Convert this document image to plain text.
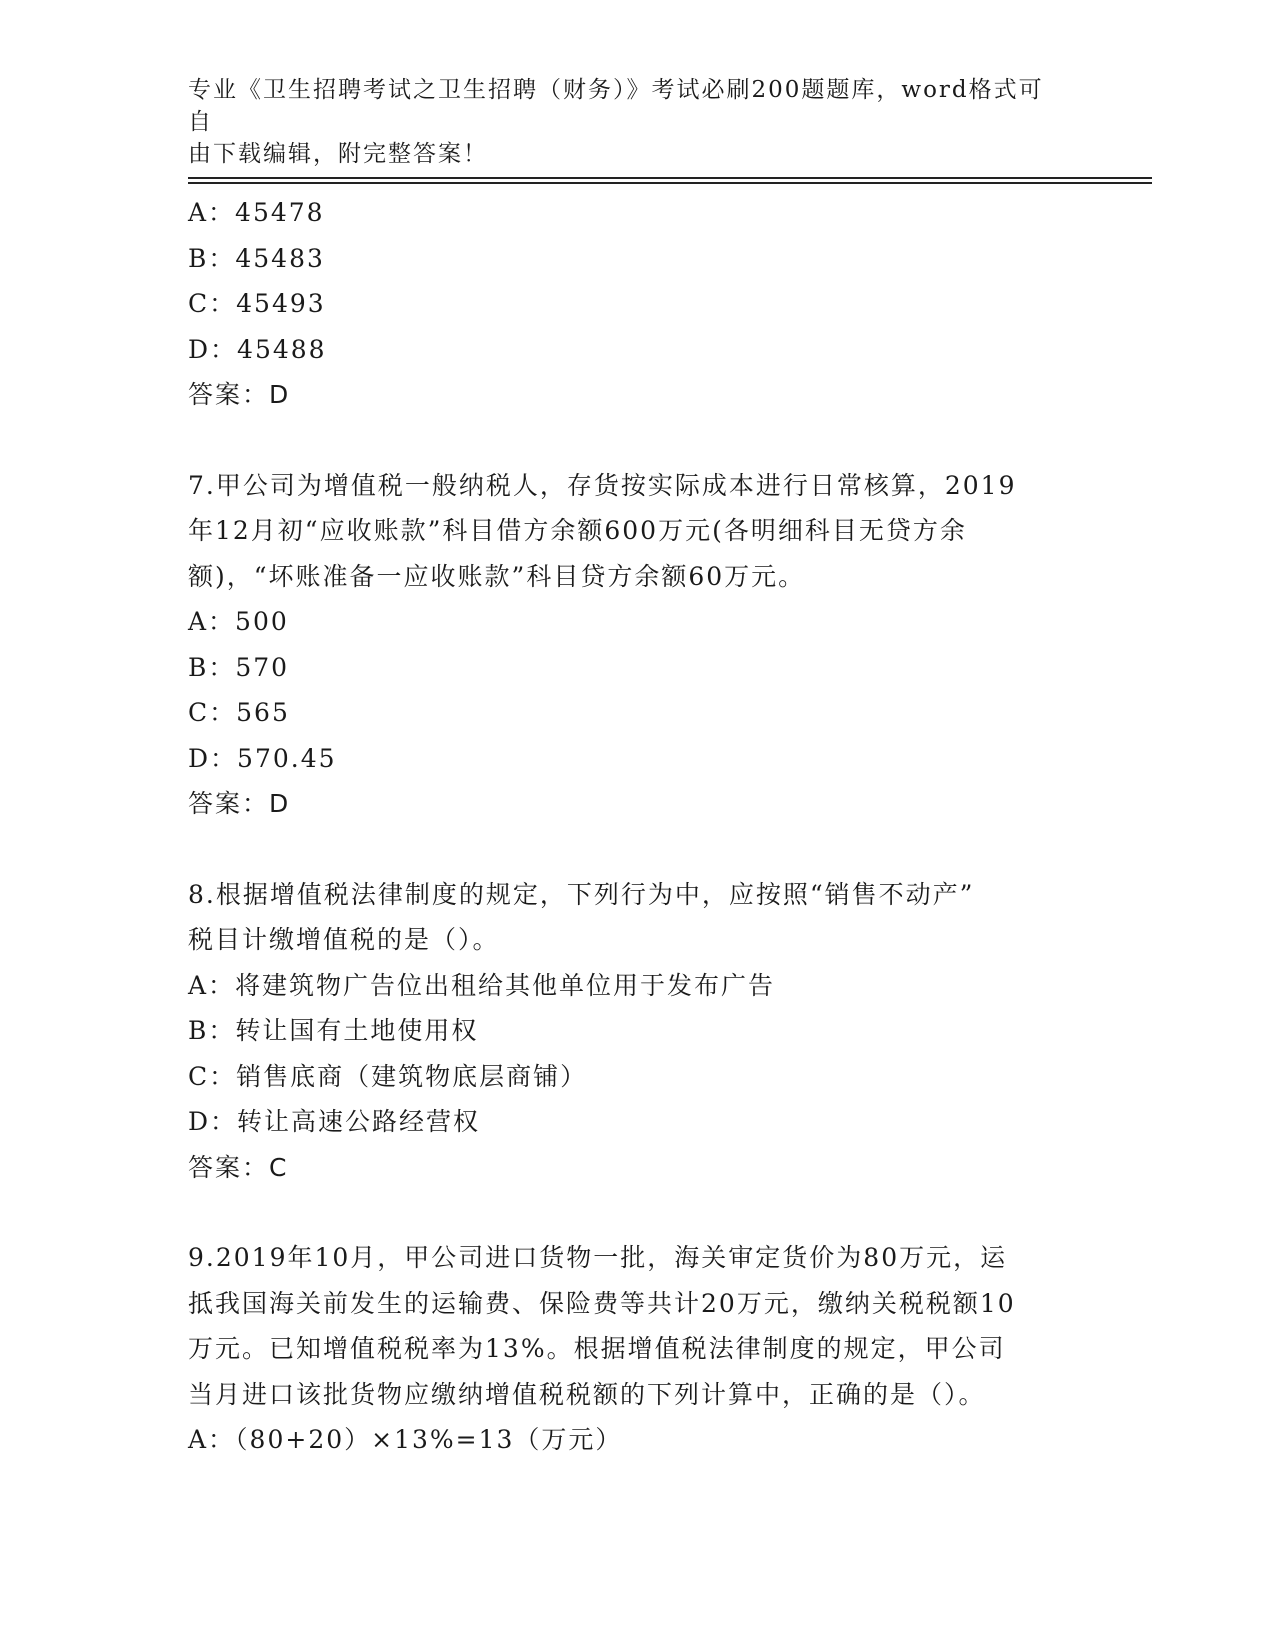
专业《卫生招聘考试之卫生招聘（财务）》考试必刷200题题库，word格式可自
由下载编辑，附完整答案！
A：45478
B：45483
C：45493
D：45488
答案：D
7.甲公司为增值税一般纳税人，存货按实际成本进行日常核算，2019
年12月初“应收账款”科目借方余额600万元(各明细科目无贷方余
额)，“坏账准备一应收账款”科目贷方余额60万元。
A：500
B：570
C：565
D：570.45
答案：D
8.根据增值税法律制度的规定，下列行为中，应按照“销售不动产”
税目计缴增值税的是（）。
A：将建筑物广告位出租给其他单位用于发布广告
B：转让国有土地使用权
C：销售底商（建筑物底层商铺）
D：转让高速公路经营权
答案：C
9.2019年10月，甲公司进口货物一批，海关审定货价为80万元，运
抵我国海关前发生的运输费、保险费等共计20万元，缴纳关税税额10
万元。已知增值税税率为13%。根据增值税法律制度的规定，甲公司
当月进口该批货物应缴纳增值税税额的下列计算中，正确的是（）。
A：（80+20）×13%=13（万元）
